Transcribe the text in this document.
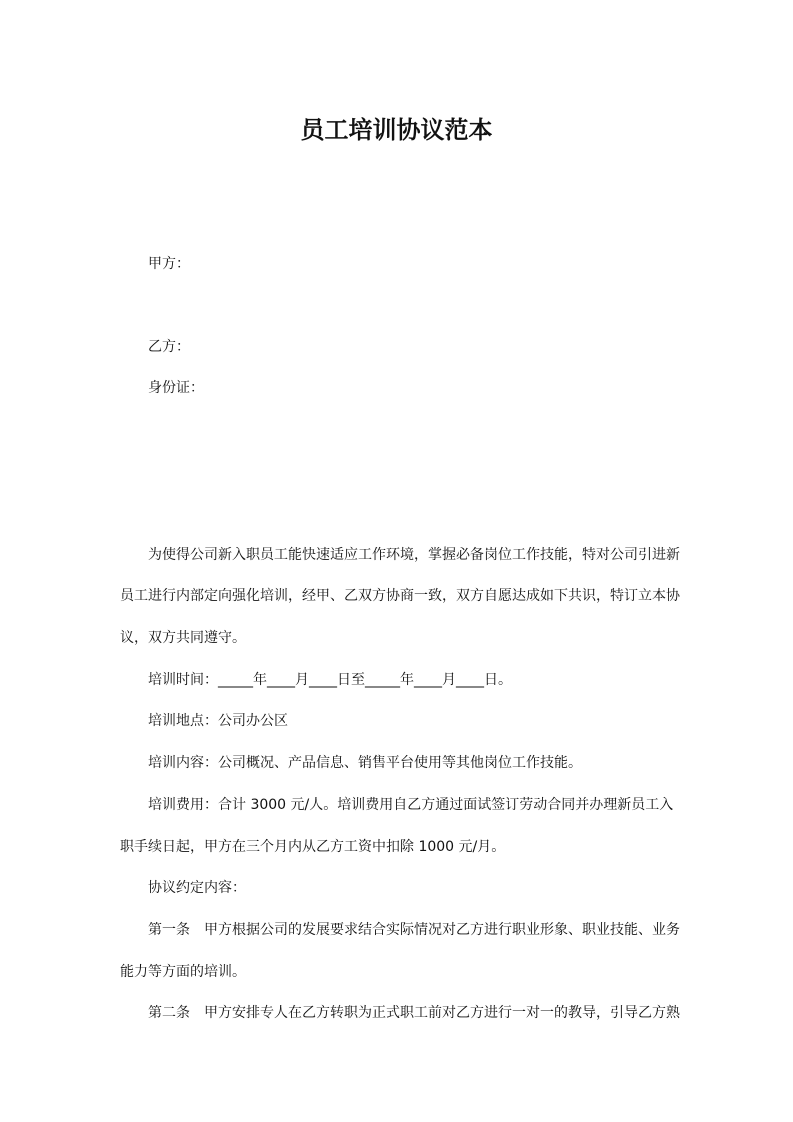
员工培训协议范本
甲方：
乙方：
身份证：
为使得公司新入职员工能快速适应工作环境，掌握必备岗位工作技能，特对公司引进新
员工进行内部定向强化培训，经甲、乙双方协商一致，双方自愿达成如下共识，特订立本协
议，双方共同遵守。
培训时间：_____年____月____日至_____年____月____日。
培训地点：公司办公区
培训内容：公司概况、产品信息、销售平台使用等其他岗位工作技能。
培训费用：合计 3000 元/人。培训费用自乙方通过面试签订劳动合同并办理新员工入
职手续日起，甲方在三个月内从乙方工资中扣除 1000 元/月。
协议约定内容：
第一条　甲方根据公司的发展要求结合实际情况对乙方进行职业形象、职业技能、业务
能力等方面的培训。
第二条　甲方安排专人在乙方转职为正式职工前对乙方进行一对一的教导，引导乙方熟
